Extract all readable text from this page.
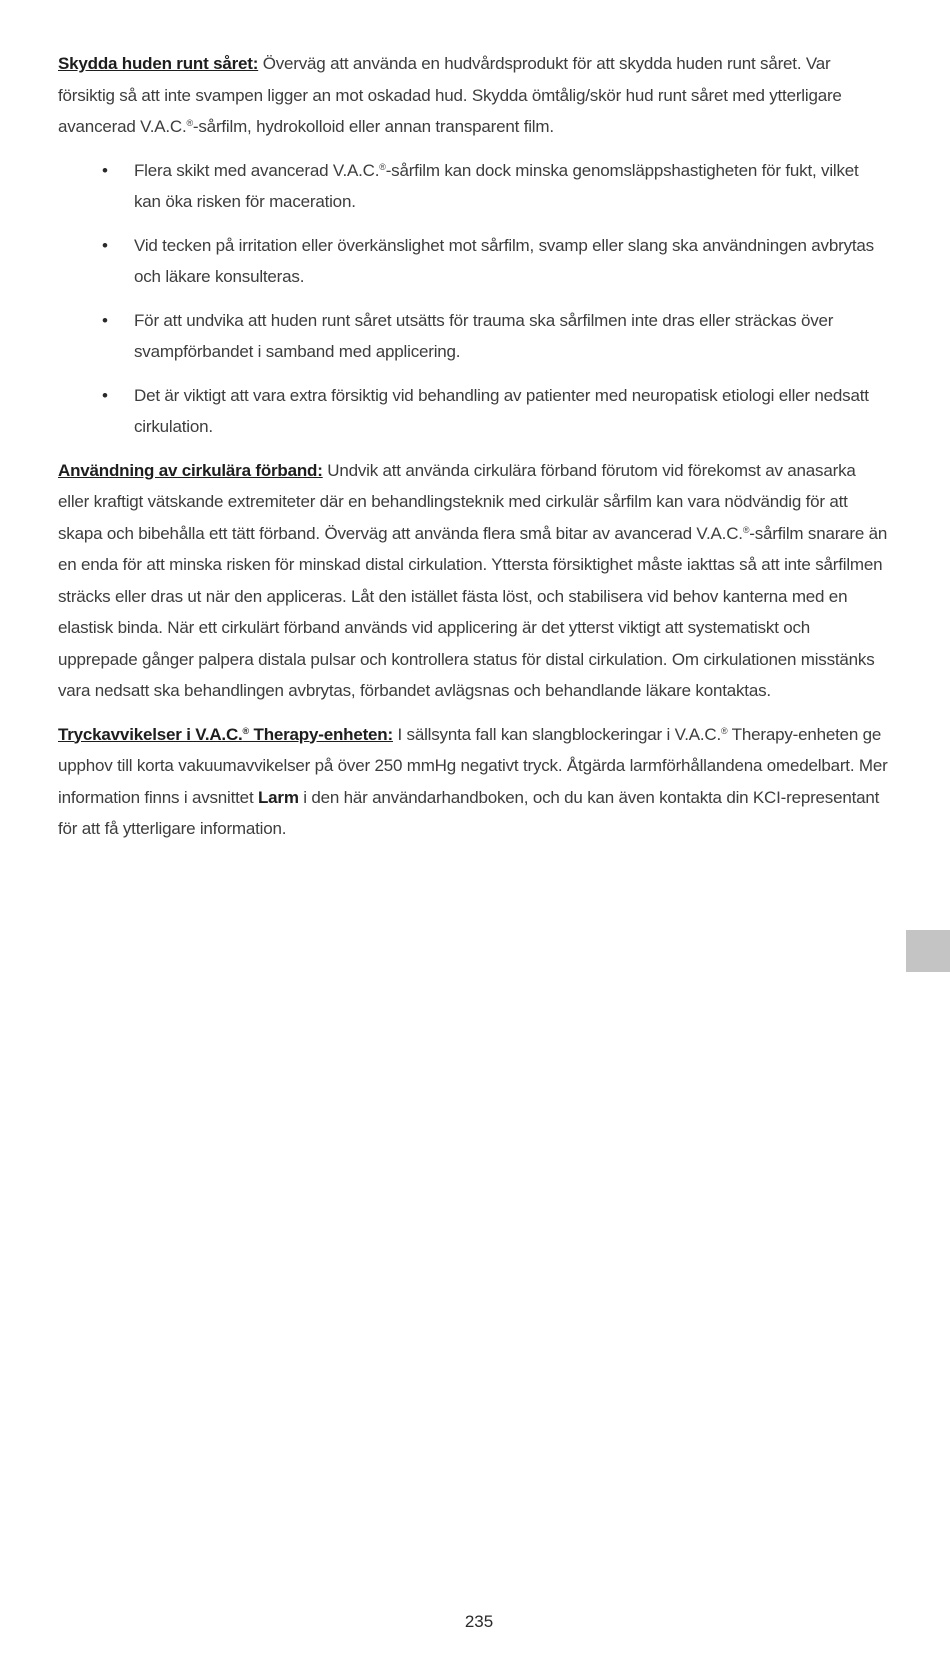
Skydda huden runt såret: Överväg att använda en hudvårdsprodukt för att skydda huden runt såret. Var försiktig så att inte svampen ligger an mot oskadad hud. Skydda ömtålig/skör hud runt såret med ytterligare avancerad V.A.C.®-sårfilm, hydrokolloid eller annan transparent film.

• Flera skikt med avancerad V.A.C.®-sårfilm kan dock minska genomsläppshastigheten för fukt, vilket kan öka risken för maceration.
• Vid tecken på irritation eller överkänslighet mot sårfilm, svamp eller slang ska användningen avbrytas och läkare konsulteras.
• För att undvika att huden runt såret utsätts för trauma ska sårfilmen inte dras eller sträckas över svampförbandet i samband med applicering.
• Det är viktigt att vara extra försiktig vid behandling av patienter med neuropatisk etiologi eller nedsatt cirkulation.

Användning av cirkulära förband: Undvik att använda cirkulära förband förutom vid förekomst av anasarka eller kraftigt vätskande extremiteter där en behandlingsteknik med cirkulär sårfilm kan vara nödvändig för att skapa och bibehålla ett tätt förband. Överväg att använda flera små bitar av avancerad V.A.C.®-sårfilm snarare än en enda för att minska risken för minskad distal cirkulation. Yttersta försiktighet måste iakttas så att inte sårfilmen sträcks eller dras ut när den appliceras. Låt den istället fästa löst, och stabilisera vid behov kanterna med en elastisk binda. När ett cirkulärt förband används vid applicering är det ytterst viktigt att systematiskt och upprepade gånger palpera distala pulsar och kontrollera status för distal cirkulation. Om cirkulationen misstänks vara nedsatt ska behandlingen avbrytas, förbandet avlägsnas och behandlande läkare kontaktas.

Tryckavvikelser i V.A.C.® Therapy-enheten: I sällsynta fall kan slangblockeringar i V.A.C.® Therapy-enheten ge upphov till korta vakuumavvikelser på över 250 mmHg negativt tryck. Åtgärda larmförhållandena omedelbart. Mer information finns i avsnittet Larm i den här användarhandboken, och du kan även kontakta din KCI-representant för att få ytterligare information.

235
